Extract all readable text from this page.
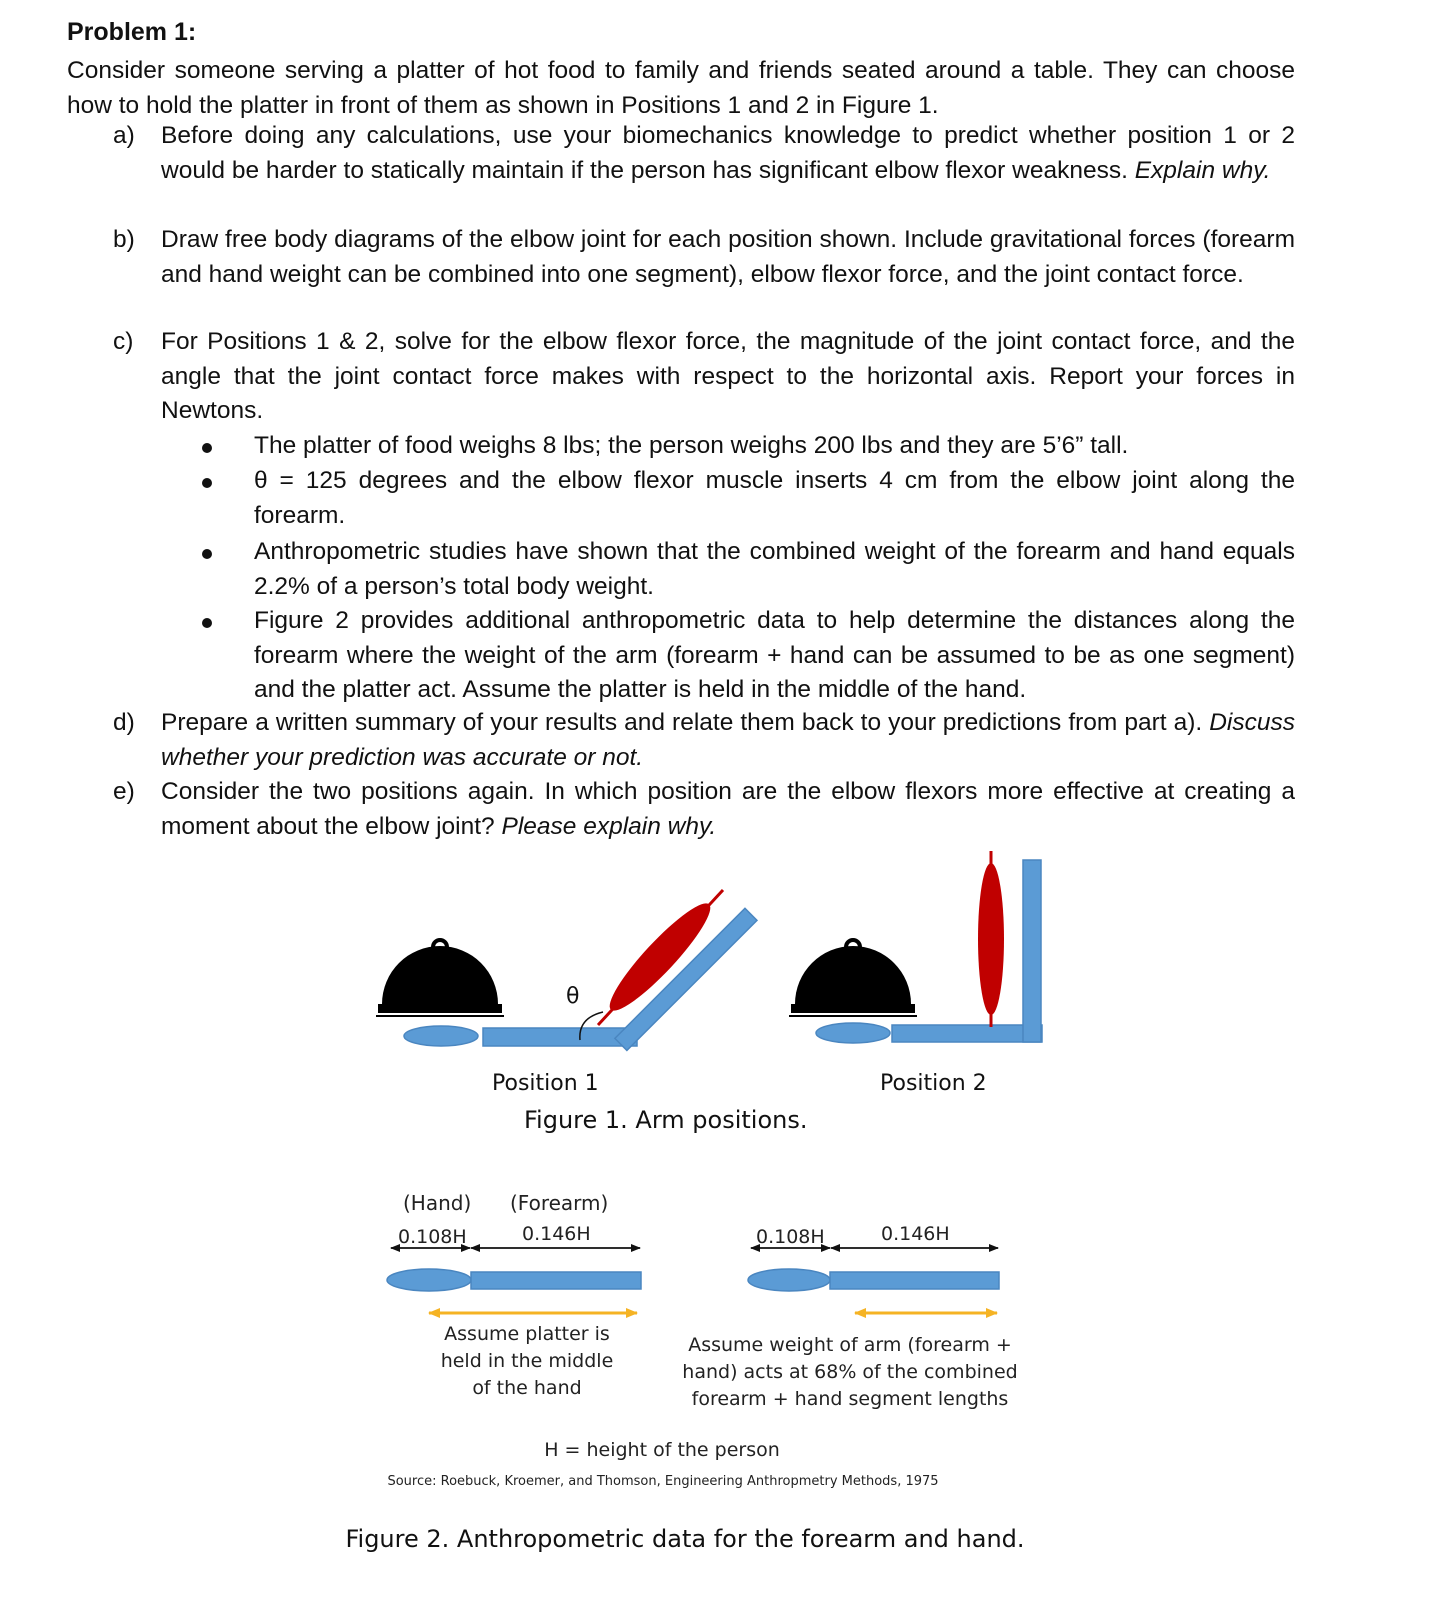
Problem 1:
Consider someone serving a platter of hot food to family and friends seated around a table. They can choose how to hold the platter in front of them as shown in Positions 1 and 2 in Figure 1.
a) Before doing any calculations, use your biomechanics knowledge to predict whether position 1 or 2 would be harder to statically maintain if the person has significant elbow flexor weakness. Explain why.
b) Draw free body diagrams of the elbow joint for each position shown. Include gravitational forces (forearm and hand weight can be combined into one segment), elbow flexor force, and the joint contact force.
c) For Positions 1 & 2, solve for the elbow flexor force, the magnitude of the joint contact force, and the angle that the joint contact force makes with respect to the horizontal axis. Report your forces in Newtons.
The platter of food weighs 8 lbs; the person weighs 200 lbs and they are 5’6” tall.
θ = 125 degrees and the elbow flexor muscle inserts 4 cm from the elbow joint along the forearm.
Anthropometric studies have shown that the combined weight of the forearm and hand equals 2.2% of a person’s total body weight.
Figure 2 provides additional anthropometric data to help determine the distances along the forearm where the weight of the arm (forearm + hand can be assumed to be as one segment) and the platter act. Assume the platter is held in the middle of the hand.
d) Prepare a written summary of your results and relate them back to your predictions from part a). Discuss whether your prediction was accurate or not.
e) Consider the two positions again. In which position are the elbow flexors more effective at creating a moment about the elbow joint? Please explain why.
θ
Position 1	Position 2
Figure 1. Arm positions.
(Hand) (Forearm)
0.108H	0.146H
Assume platter is
held in the middle
of the hand
0.108H	0.146H
Assume weight of arm (forearm +
hand) acts at 68% of the combined
forearm + hand segment lengths
H = height of the person
Source: Roebuck, Kroemer, and Thomson, Engineering Anthropmetry Methods, 1975
Figure 2. Anthropometric data for the forearm and hand.
